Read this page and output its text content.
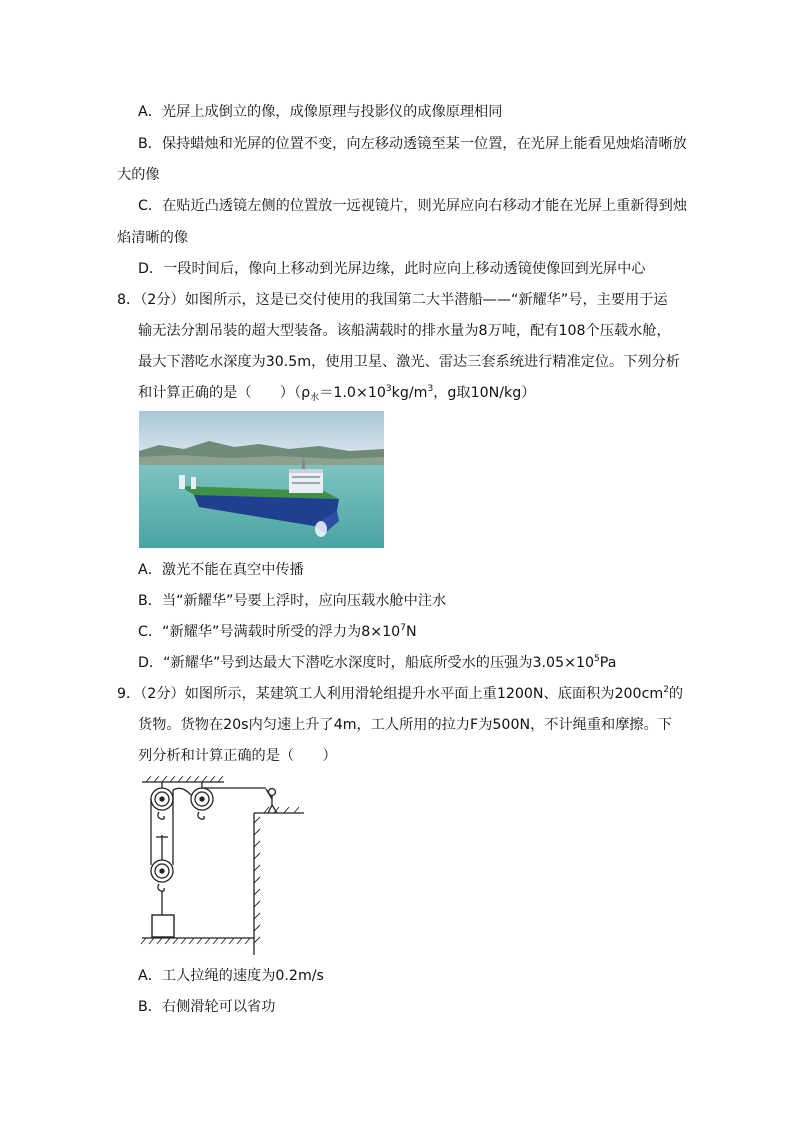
A．光屏上成倒立的像，成像原理与投影仪的成像原理相同
B．保持蜡烛和光屏的位置不变，向左移动透镜至某一位置，在光屏上能看见烛焰清晰放
大的像
C．在贴近凸透镜左侧的位置放一远视镜片，则光屏应向右移动才能在光屏上重新得到烛
焰清晰的像
D．一段时间后，像向上移动到光屏边缘，此时应向上移动透镜使像回到光屏中心
8．（2分）如图所示，这是已交付使用的我国第二大半潜船——“新耀华”号，主要用于运
输无法分割吊装的超大型装备。该船满载时的排水量为8万吨，配有108个压载水舱，
最大下潜吃水深度为30.5m，使用卫星、激光、雷达三套系统进行精准定位。下列分析
和计算正确的是（　　）（$\rho_水=1.0\times 10^3kg/m^3$，g取10N/kg）
A．激光不能在真空中传播
B．当“新耀华”号要上浮时，应向压载水舱中注水
C．“新耀华”号满载时所受的浮力为$8\times 10^7N$
D．“新耀华”号到达最大下潜吃水深度时，船底所受水的压强为$3.05\times 10^5Pa$
9．（2分）如图所示，某建筑工人利用滑轮组提升水平面上重1200N、底面积为$200cm^2$的
货物。货物在20s内匀速上升了4m，工人所用的拉力F为500N，不计绳重和摩擦。下
列分析和计算正确的是（　　）
A．工人拉绳的速度为0.2m/s
B．右侧滑轮可以省功
